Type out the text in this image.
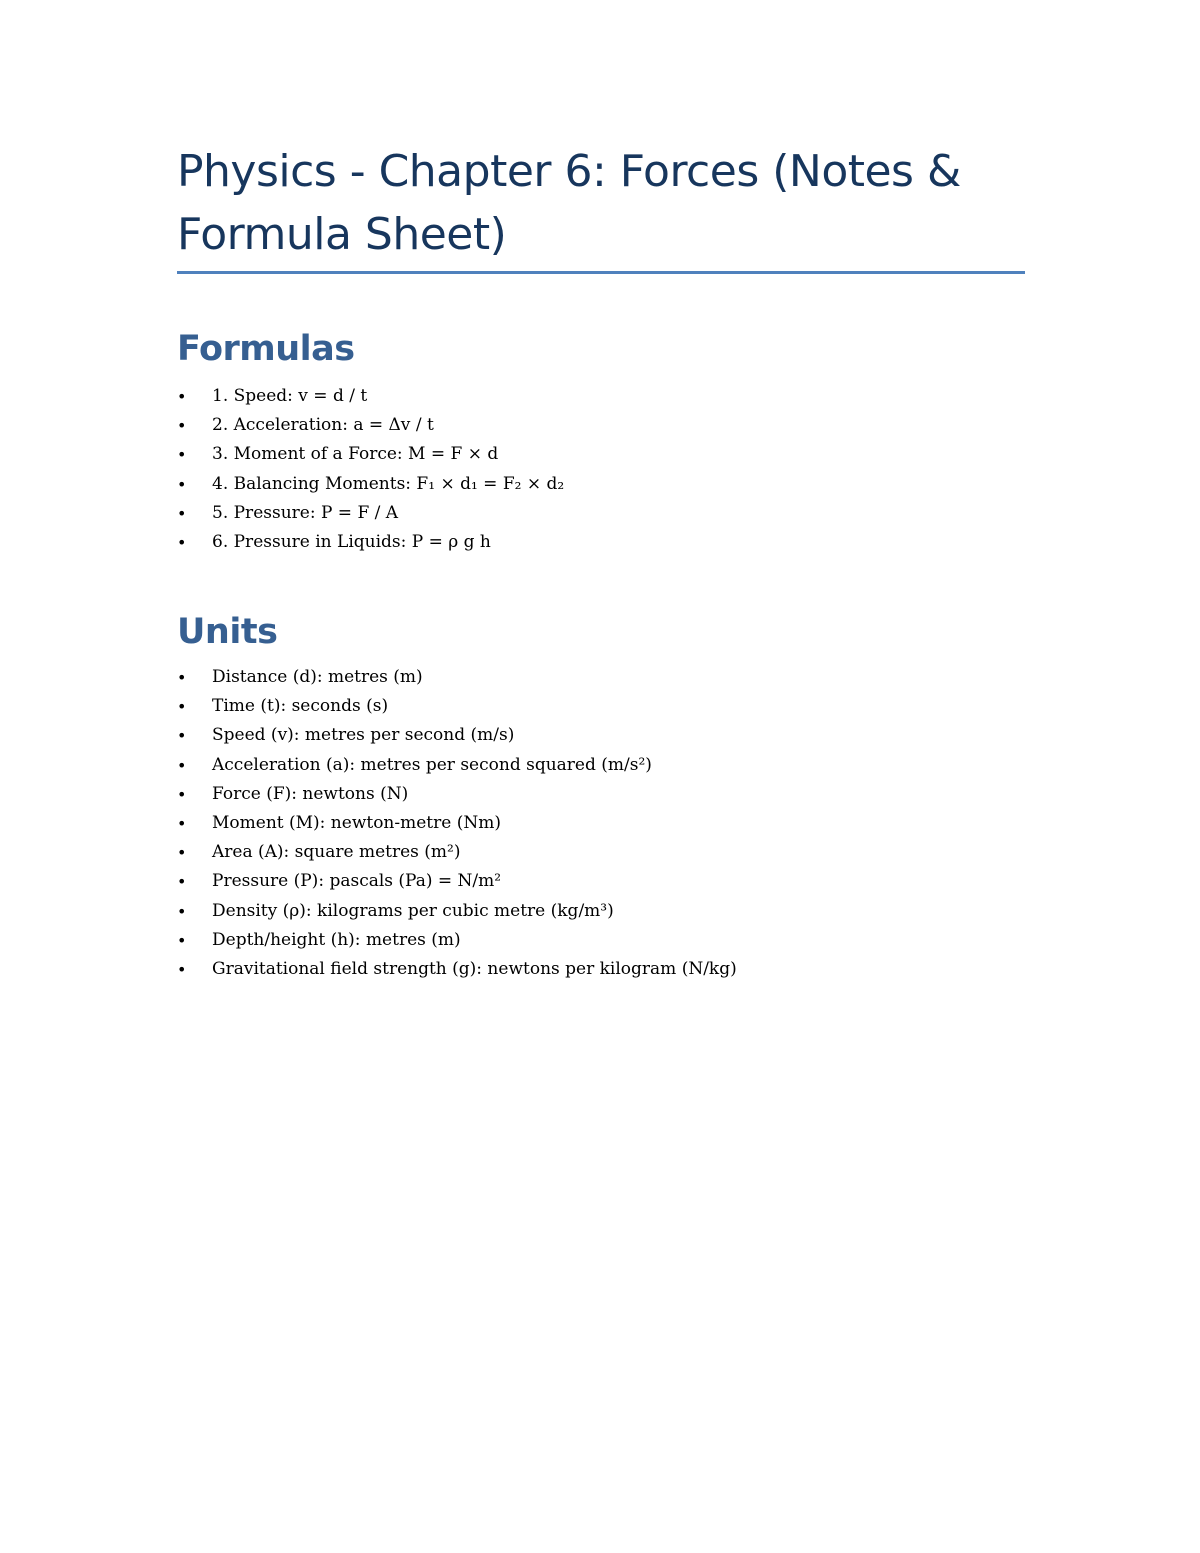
Physics - Chapter 6: Forces (Notes & Formula Sheet)
Formulas
• 1. Speed: v = d / t
• 2. Acceleration: a = Δv / t
• 3. Moment of a Force: M = F × d
• 4. Balancing Moments: F₁ × d₁ = F₂ × d₂
• 5. Pressure: P = F / A
• 6. Pressure in Liquids: P = ρ g h
Units
• Distance (d): metres (m)
• Time (t): seconds (s)
• Speed (v): metres per second (m/s)
• Acceleration (a): metres per second squared (m/s²)
• Force (F): newtons (N)
• Moment (M): newton-metre (Nm)
• Area (A): square metres (m²)
• Pressure (P): pascals (Pa) = N/m²
• Density (ρ): kilograms per cubic metre (kg/m³)
• Depth/height (h): metres (m)
• Gravitational field strength (g): newtons per kilogram (N/kg)
